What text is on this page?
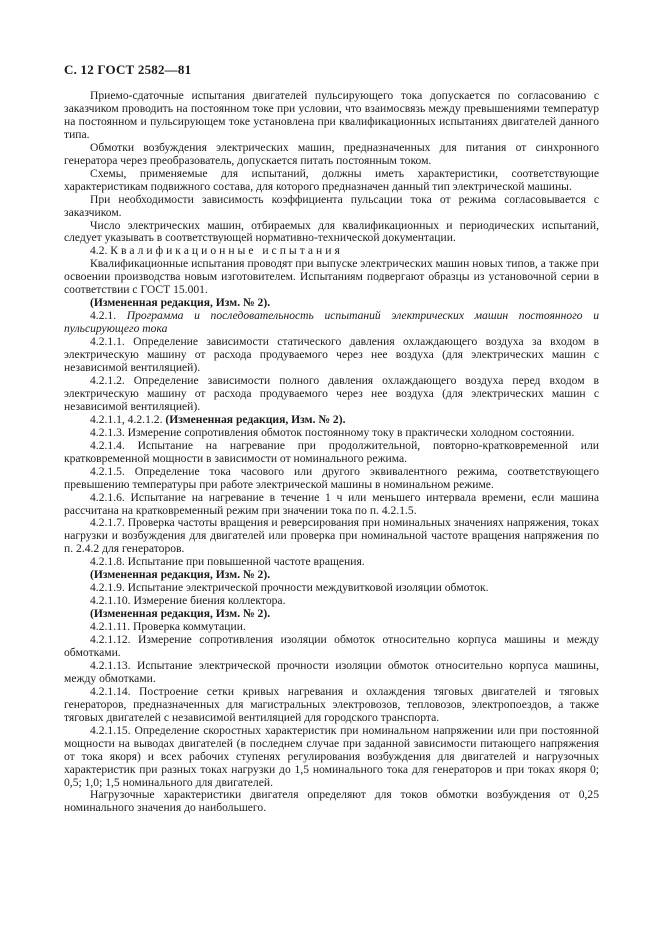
С. 12 ГОСТ 2582—81

Приемо-сдаточные испытания двигателей пульсирующего тока допускается по согласованию с заказчиком проводить на постоянном токе при условии, что взаимосвязь между превышениями температур на постоянном и пульсирующем токе установлена при квалификационных испытаниях двигателей данного типа.

Обмотки возбуждения электрических машин, предназначенных для питания от синхронного генератора через преобразователь, допускается питать постоянным током.

Схемы, применяемые для испытаний, должны иметь характеристики, соответствующие характеристикам подвижного состава, для которого предназначен данный тип электрической машины.

При необходимости зависимость коэффициента пульсации тока от режима согласовывается с заказчиком.

Число электрических машин, отбираемых для квалификационных и периодических испытаний, следует указывать в соответствующей нормативно-технической документации.

4.2. Квалификационные испытания

Квалификационные испытания проводят при выпуске электрических машин новых типов, а также при освоении производства новым изготовителем. Испытаниям подвергают образцы из установочной серии в соответствии с ГОСТ 15.001.

(Измененная редакция, Изм. № 2).

4.2.1. Программа и последовательность испытаний электрических машин постоянного и пульсирующего тока

4.2.1.1. Определение зависимости статического давления охлаждающего воздуха за входом в электрическую машину от расхода продуваемого через нее воздуха (для электрических машин с независимой вентиляцией).

4.2.1.2. Определение зависимости полного давления охлаждающего воздуха перед входом в электрическую машину от расхода продуваемого через нее воздуха (для электрических машин с независимой вентиляцией).

4.2.1.1, 4.2.1.2. (Измененная редакция, Изм. № 2).

4.2.1.3. Измерение сопротивления обмоток постоянному току в практически холодном состоянии.

4.2.1.4. Испытание на нагревание при продолжительной, повторно-кратковременной или кратковременной мощности в зависимости от номинального режима.

4.2.1.5. Определение тока часового или другого эквивалентного режима, соответствующего превышению температуры при работе электрической машины в номинальном режиме.

4.2.1.6. Испытание на нагревание в течение 1 ч или меньшего интервала времени, если машина рассчитана на кратковременный режим при значении тока по п. 4.2.1.5.

4.2.1.7. Проверка частоты вращения и реверсирования при номинальных значениях напряжения, токах нагрузки и возбуждения для двигателей или проверка при номинальной частоте вращения напряжения по п. 2.4.2 для генераторов.

4.2.1.8. Испытание при повышенной частоте вращения.

(Измененная редакция, Изм. № 2).

4.2.1.9. Испытание электрической прочности междувитковой изоляции обмоток.

4.2.1.10. Измерение биения коллектора.

(Измененная редакция, Изм. № 2).

4.2.1.11. Проверка коммутации.

4.2.1.12. Измерение сопротивления изоляции обмоток относительно корпуса машины и между обмотками.

4.2.1.13. Испытание электрической прочности изоляции обмоток относительно корпуса машины, между обмотками.

4.2.1.14. Построение сетки кривых нагревания и охлаждения тяговых двигателей и тяговых генераторов, предназначенных для магистральных электровозов, тепловозов, электропоездов, а также тяговых двигателей с независимой вентиляцией для городского транспорта.

4.2.1.15. Определение скоростных характеристик при номинальном напряжении или при постоянной мощности на выводах двигателей (в последнем случае при заданной зависимости питающего напряжения от тока якоря) и всех рабочих ступенях регулирования возбуждения для двигателей и нагрузочных характеристик при разных токах нагрузки до 1,5 номинального тока для генераторов и при токах якоря 0; 0,5; 1,0; 1,5 номинального для двигателей.

Нагрузочные характеристики двигателя определяют для токов обмотки возбуждения от 0,25 номинального значения до наибольшего.
